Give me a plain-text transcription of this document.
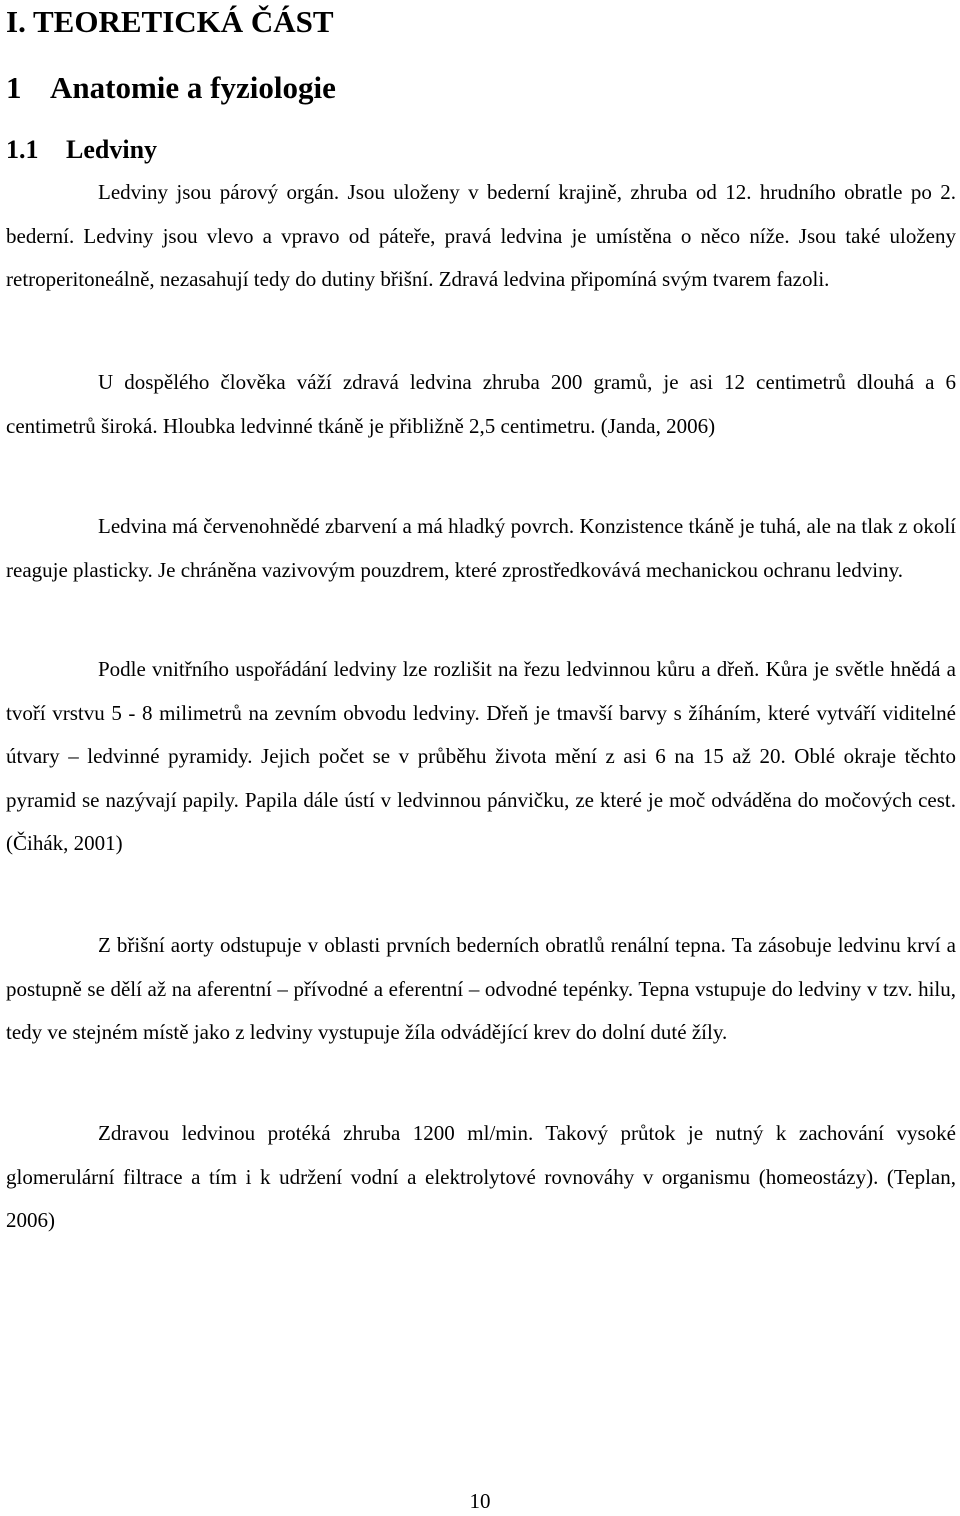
I. TEORETICKÁ ČÁST
1 Anatomie a fyziologie
1.1 Ledviny

Ledviny jsou párový orgán. Jsou uloženy v bederní krajině, zhruba od 12. hrudního obratle po 2. bederní. Ledviny jsou vlevo a vpravo od páteře, pravá ledvina je umístěna o něco níže. Jsou také uloženy retroperitoneálně, nezasahují tedy do dutiny břišní. Zdravá ledvina připomíná svým tvarem fazoli.

U dospělého člověka váží zdravá ledvina zhruba 200 gramů, je asi 12 centimetrů dlouhá a 6 centimetrů široká. Hloubka ledvinné tkáně je přibližně 2,5 centimetru. (Janda, 2006)

Ledvina má červenohnědé zbarvení a má hladký povrch. Konzistence tkáně je tuhá, ale na tlak z okolí reaguje plasticky. Je chráněna vazivovým pouzdrem, které zprostředkovává mechanickou ochranu ledviny.

Podle vnitřního uspořádání ledviny lze rozlišit na řezu ledvinnou kůru a dřeň. Kůra je světle hnědá a tvoří vrstvu 5 - 8 milimetrů na zevním obvodu ledviny. Dřeň je tmavší barvy s žíháním, které vytváří viditelné útvary – ledvinné pyramidy. Jejich počet se v průběhu života mění z asi 6 na 15 až 20. Oblé okraje těchto pyramid se nazývají papily. Papila dále ústí v ledvinnou pánvičku, ze které je moč odváděna do močových cest. (Čihák, 2001)

Z břišní aorty odstupuje v oblasti prvních bederních obratlů renální tepna. Ta zásobuje ledvinu krví a postupně se dělí až na aferentní – přívodné a eferentní – odvodné tepénky. Tepna vstupuje do ledviny v tzv. hilu, tedy ve stejném místě jako z ledviny vystupuje žíla odvádějící krev do dolní duté žíly.

Zdravou ledvinou protéká zhruba 1200 ml/min. Takový průtok je nutný k zachování vysoké glomerulární filtrace a tím i k udržení vodní a elektrolytové rovnováhy v organismu (homeostázy). (Teplan, 2006)

10
